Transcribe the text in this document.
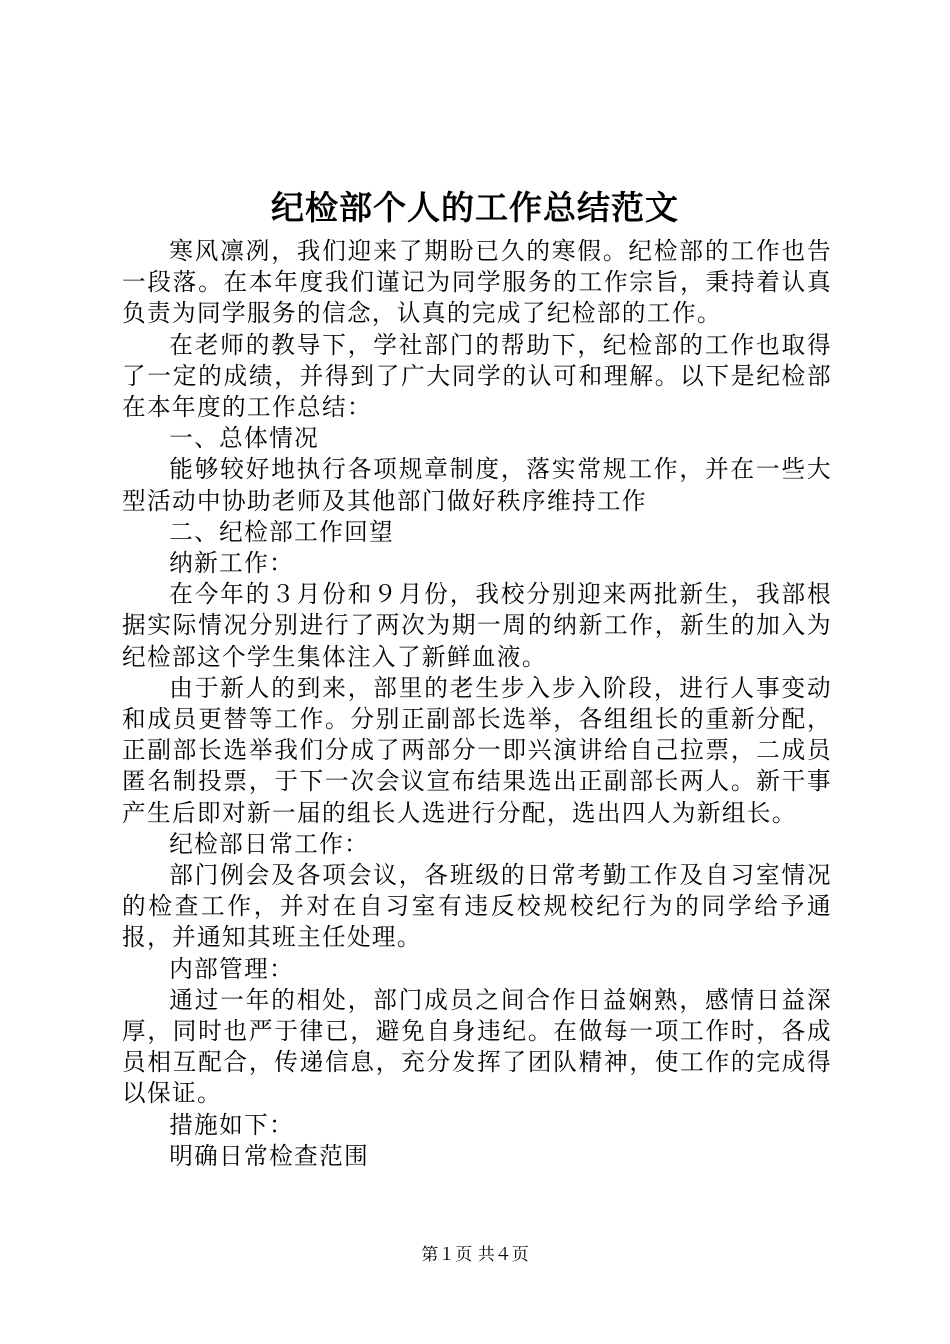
纪检部个人的工作总结范文

寒风凛冽，我们迎来了期盼已久的寒假。纪检部的工作也告一段落。在本年度我们谨记为同学服务的工作宗旨，秉持着认真负责为同学服务的信念，认真的完成了纪检部的工作。

在老师的教导下，学社部门的帮助下，纪检部的工作也取得了一定的成绩，并得到了广大同学的认可和理解。以下是纪检部在本年度的工作总结：

一、总体情况

能够较好地执行各项规章制度，落实常规工作，并在一些大型活动中协助老师及其他部门做好秩序维持工作

二、纪检部工作回望

纳新工作：

在今年的３月份和９月份，我校分别迎来两批新生，我部根据实际情况分别进行了两次为期一周的纳新工作，新生的加入为纪检部这个学生集体注入了新鲜血液。

由于新人的到来，部里的老生步入步入阶段，进行人事变动和成员更替等工作。分别正副部长选举，各组组长的重新分配，正副部长选举我们分成了两部分一即兴演讲给自己拉票，二成员匿名制投票，于下一次会议宣布结果选出正副部长两人。新干事产生后即对新一届的组长人选进行分配，选出四人为新组长。

纪检部日常工作：

部门例会及各项会议，各班级的日常考勤工作及自习室情况的检查工作，并对在自习室有违反校规校纪行为的同学给予通报，并通知其班主任处理。

内部管理：

通过一年的相处，部门成员之间合作日益娴熟，感情日益深厚，同时也严于律已，避免自身违纪。在做每一项工作时，各成员相互配合，传递信息，充分发挥了团队精神，使工作的完成得以保证。

措施如下：

明确日常检查范围

第１页 共４页
